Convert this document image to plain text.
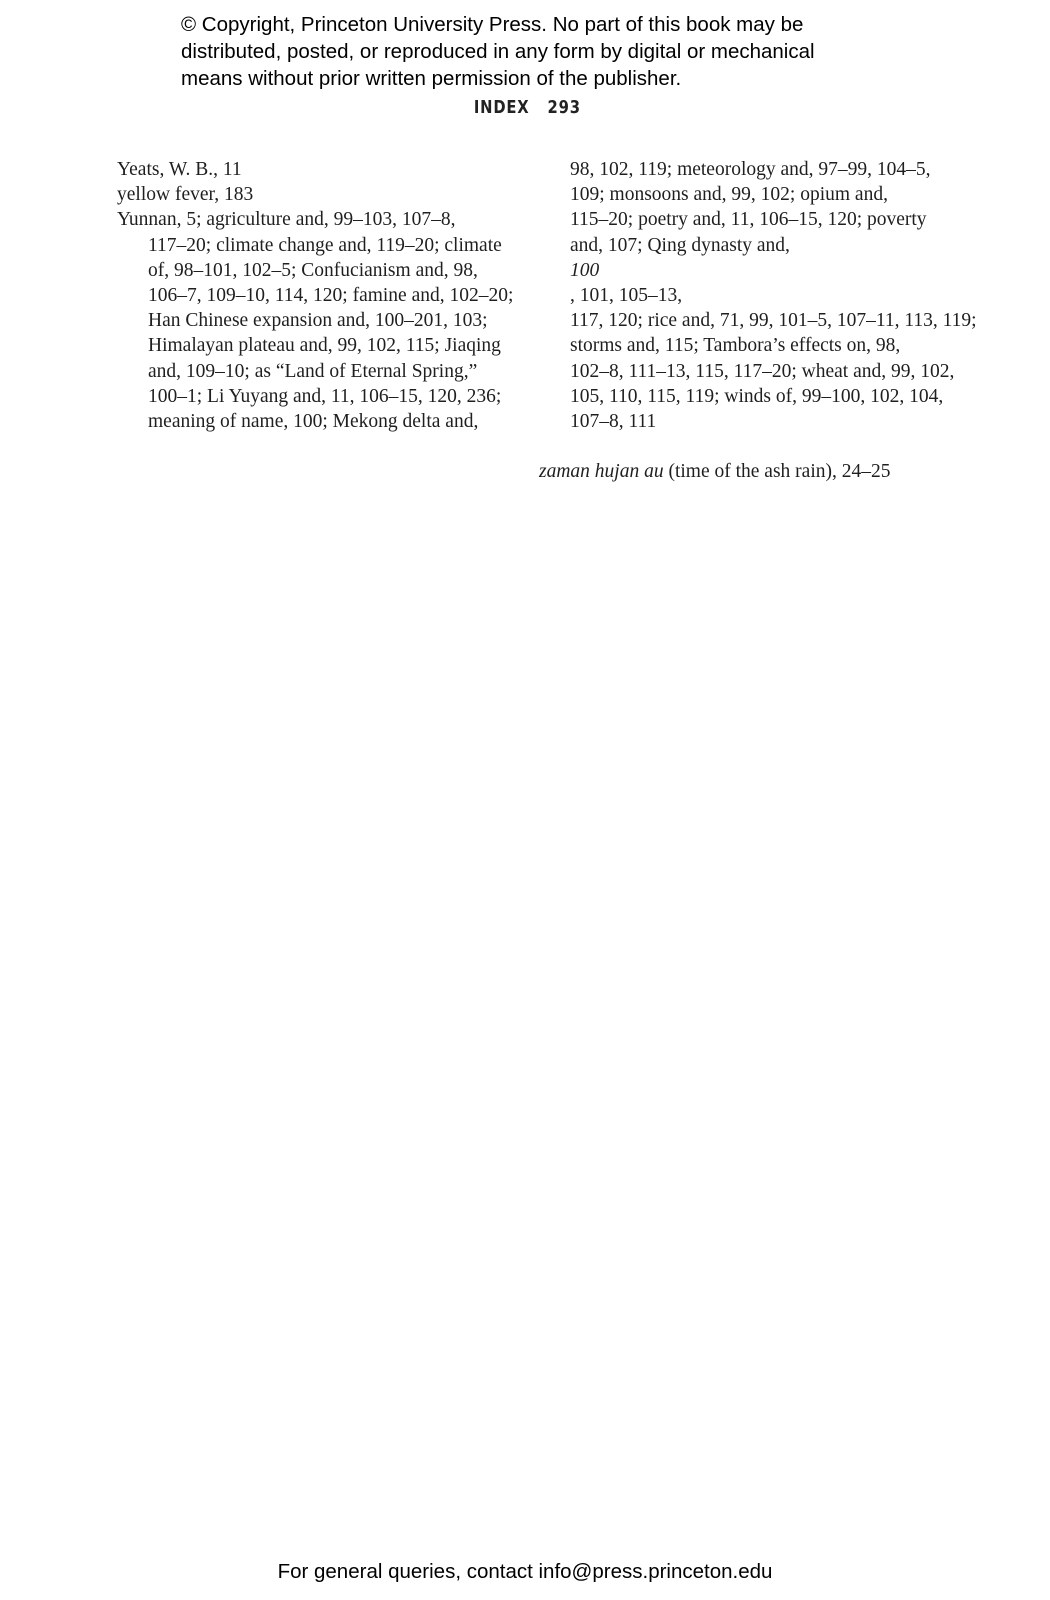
© Copyright, Princeton University Press. No part of this book may be
distributed, posted, or reproduced in any form by digital or mechanical
means without prior written permission of the publisher.
INDEX 293
Yeats, W. B., 11
yellow fever, 183
Yunnan, 5; agriculture and, 99–103, 107–8,
117–20; climate change and, 119–20; climate
of, 98–101, 102–5; Confucianism and, 98,
106–7, 109–10, 114, 120; famine and, 102–20;
Han Chinese expansion and, 100–201, 103;
Himalayan plateau and, 99, 102, 115; Jiaqing
and, 109–10; as “Land of Eternal Spring,”
100–1; Li Yuyang and, 11, 106–15, 120, 236;
meaning of name, 100; Mekong delta and,
98, 102, 119; meteorology and, 97–99, 104–5,
109; monsoons and, 99, 102; opium and,
115–20; poetry and, 11, 106–15, 120; poverty
and, 107; Qing dynasty and,
100
, 101, 105–13,
117, 120; rice and, 71, 99, 101–5, 107–11, 113, 119;
storms and, 115; Tambora’s effects on, 98,
102–8, 111–13, 115, 117–20; wheat and, 99, 102,
105, 110, 115, 119; winds of, 99–100, 102, 104,
107–8, 111
zaman hujan au (time of the ash rain), 24–25
For general queries, contact info@press.princeton.edu
